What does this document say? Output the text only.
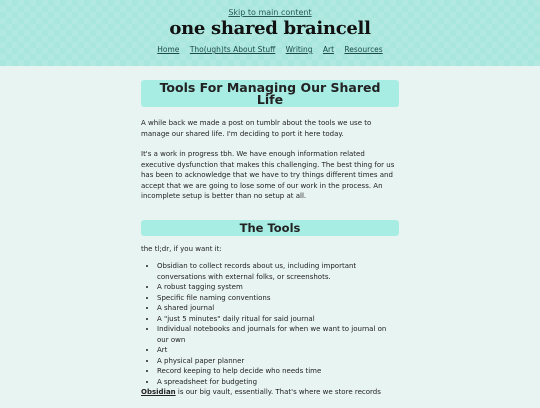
Skip to main content
one shared braincell
Home Tho(ugh)ts About Stuff Writing Art Resources
Tools For Managing Our Shared Life

A while back we made a post on tumblr about the tools we use to manage our shared life. I'm deciding to port it here today.

It's a work in progress tbh. We have enough information related executive dysfunction that makes this challenging. The best thing for us has been to acknowledge that we have to try things different times and accept that we are going to lose some of our work in the process. An incomplete setup is better than no setup at all.

The Tools

the tl;dr, if you want it:

• Obsidian to collect records about us, including important conversations with external folks, or screenshots.
• A robust tagging system
• Specific file naming conventions
• A shared journal
• A "just 5 minutes" daily ritual for said journal
• Individual notebooks and journals for when we want to journal on our own
• Art
• A physical paper planner
• Record keeping to help decide who needs time
• A spreadsheet for budgeting

Obsidian is our big vault, essentially. That's where we store records
